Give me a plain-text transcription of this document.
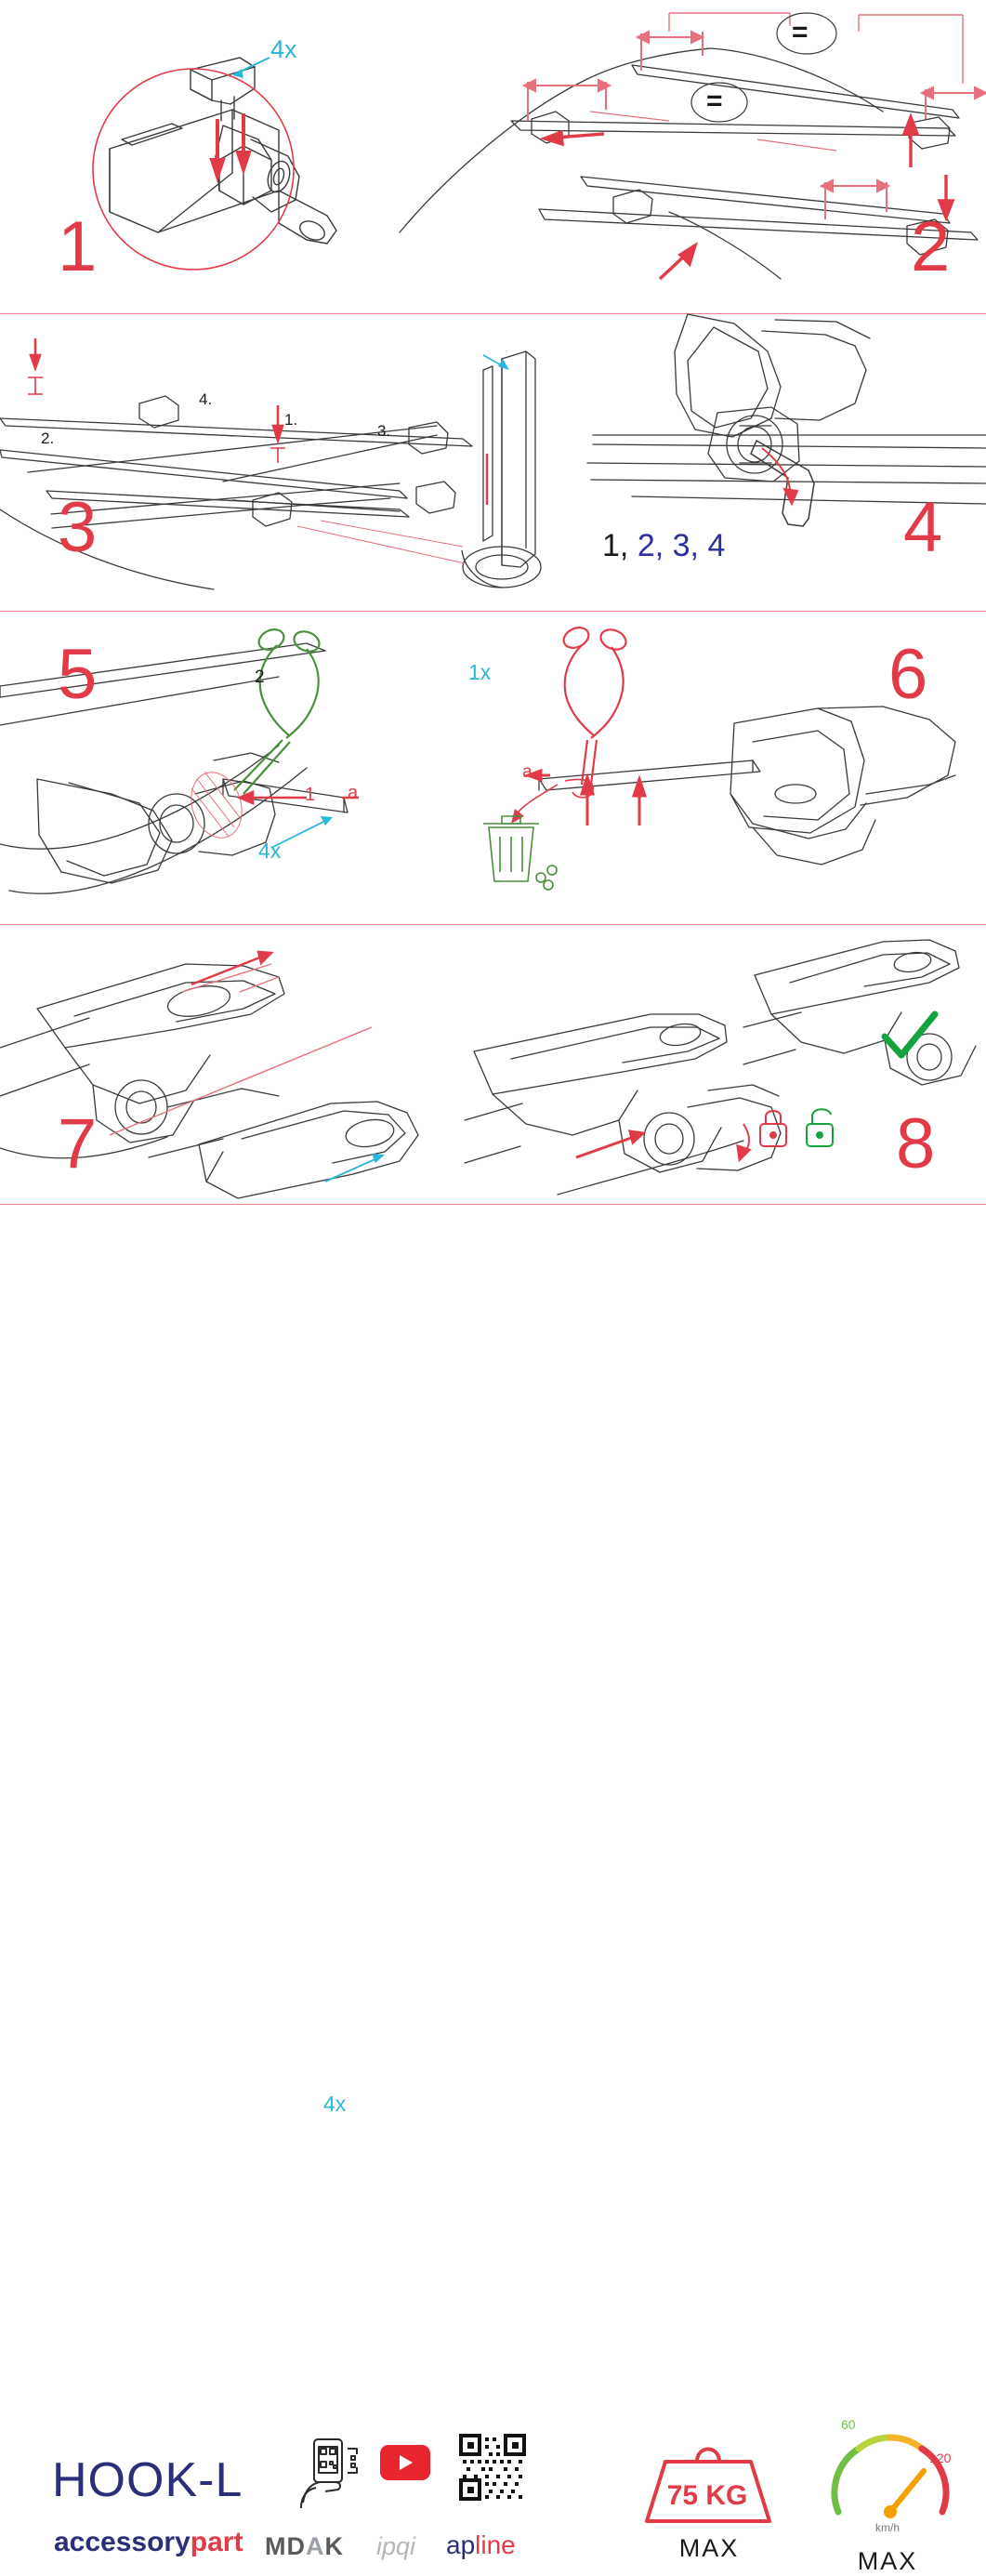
4x
1
=
=
2
2.
4.
1.
3.
1x
3	1, 2, 3, 4	4
5	2
1 a
4x
a
6
4x
7	8
HOOK-L
accessorypart MDAK ipqi apline
75 KG
MAX
60
120
km/h
MAX
